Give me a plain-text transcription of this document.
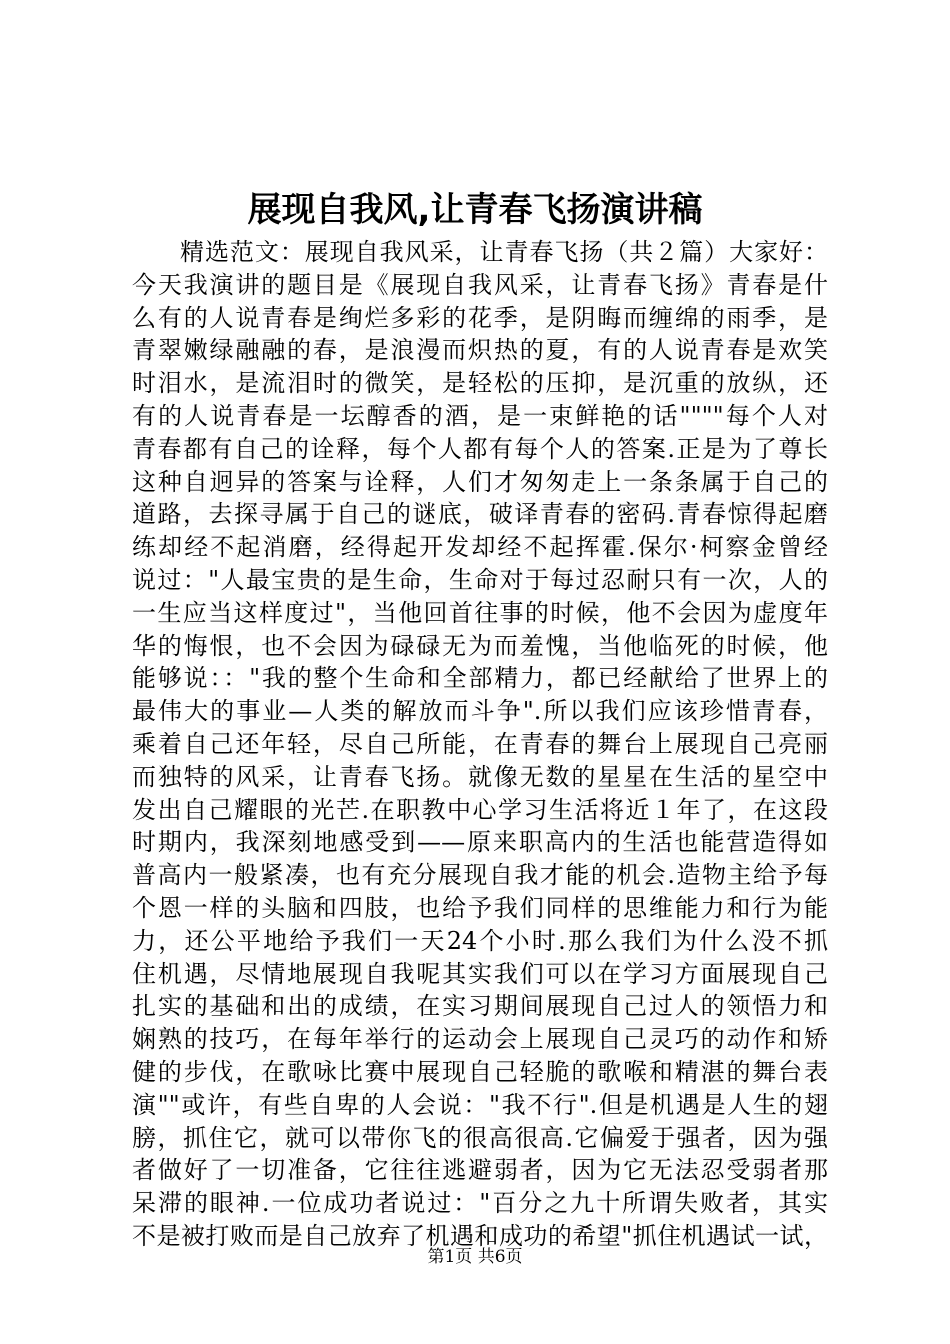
展现自我风,让青春飞扬演讲稿
精选范文：展现自我风采，让青春飞扬（共２篇）大家好：
今天我演讲的题目是《展现自我风采，让青春飞扬》青春是什
么有的人说青春是绚烂多彩的花季，是阴晦而缠绵的雨季，是
青翠嫩绿融融的春，是浪漫而炽热的夏，有的人说青春是欢笑
时泪水，是流泪时的微笑，是轻松的压抑，是沉重的放纵，还
有的人说青春是一坛醇香的酒，是一束鲜艳的话""""每个人对
青春都有自己的诠释，每个人都有每个人的答案.正是为了尊长
这种自迥异的答案与诠释，人们才匆匆走上一条条属于自己的
道路，去探寻属于自己的谜底，破译青春的密码.青春惊得起磨
练却经不起消磨，经得起开发却经不起挥霍.保尔·柯察金曾经
说过："人最宝贵的是生命，生命对于每过忍耐只有一次，人的
一生应当这样度过"，当他回首往事的时候，他不会因为虚度年
华的悔恨，也不会因为碌碌无为而羞愧，当他临死的时候，他
能够说：："我的整个生命和全部精力，都已经献给了世界上的
最伟大的事业—人类的解放而斗争".所以我们应该珍惜青春，
乘着自己还年轻，尽自己所能，在青春的舞台上展现自己亮丽
而独特的风采，让青春飞扬。就像无数的星星在生活的星空中
发出自己耀眼的光芒.在职教中心学习生活将近１年了，在这段
时期内，我深刻地感受到——原来职高内的生活也能营造得如
普高内一般紧凑，也有充分展现自我才能的机会.造物主给予每
个恩一样的头脑和四肢，也给予我们同样的思维能力和行为能
力，还公平地给予我们一天24个小时.那么我们为什么没不抓
住机遇，尽情地展现自我呢其实我们可以在学习方面展现自己
扎实的基础和出的成绩，在实习期间展现自己过人的领悟力和
娴熟的技巧，在每年举行的运动会上展现自己灵巧的动作和矫
健的步伐，在歌咏比赛中展现自己轻脆的歌喉和精湛的舞台表
演""或许，有些自卑的人会说："我不行".但是机遇是人生的翅
膀，抓住它，就可以带你飞的很高很高.它偏爱于强者，因为强
者做好了一切准备，它往往逃避弱者，因为它无法忍受弱者那
呆滞的眼神.一位成功者说过："百分之九十所谓失败者，其实
不是被打败而是自己放弃了机遇和成功的希望"抓住机遇试一试，
第1页 共6页
